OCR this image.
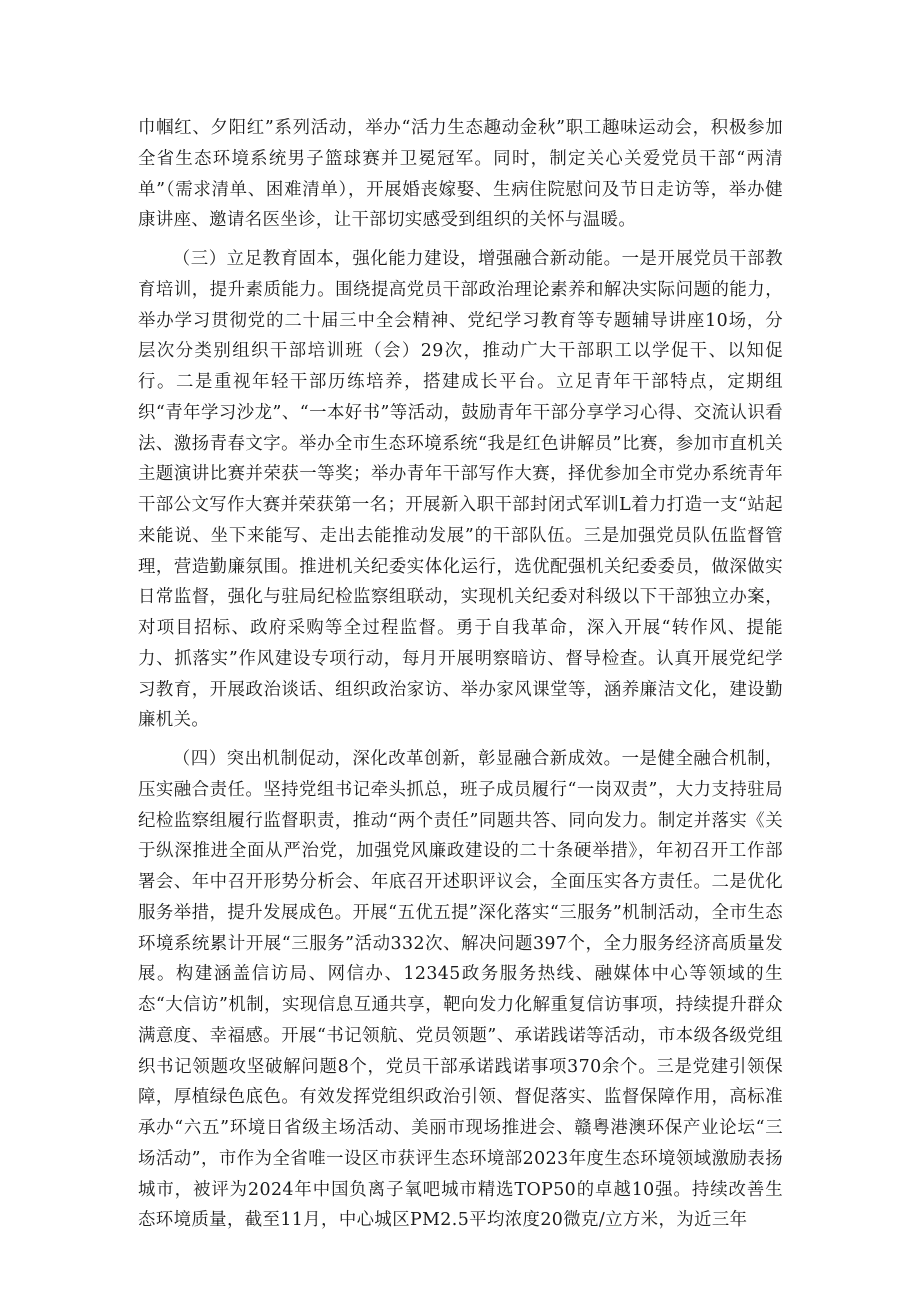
巾帼红、夕阳红”系列活动，举办“活力生态趣动金秋”职工趣味运动会，积极参加全省生态环境系统男子篮球赛并卫冕冠军。同时，制定关心关爱党员干部“两清单”（需求清单、困难清单），开展婚丧嫁娶、生病住院慰问及节日走访等，举办健康讲座、邀请名医坐诊，让干部切实感受到组织的关怀与温暖。

（三）立足教育固本，强化能力建设，增强融合新动能。一是开展党员干部教育培训，提升素质能力。围绕提高党员干部政治理论素养和解决实际问题的能力，举办学习贯彻党的二十届三中全会精神、党纪学习教育等专题辅导讲座10场，分层次分类别组织干部培训班（会）29次，推动广大干部职工以学促干、以知促行。二是重视年轻干部历练培养，搭建成长平台。立足青年干部特点，定期组织“青年学习沙龙”、“一本好书”等活动，鼓励青年干部分享学习心得、交流认识看法、激扬青春文字。举办全市生态环境系统“我是红色讲解员”比赛，参加市直机关主题演讲比赛并荣获一等奖；举办青年干部写作大赛，择优参加全市党办系统青年干部公文写作大赛并荣获第一名；开展新入职干部封闭式军训L着力打造一支“站起来能说、坐下来能写、走出去能推动发展”的干部队伍。三是加强党员队伍监督管理，营造勤廉氛围。推进机关纪委实体化运行，选优配强机关纪委委员，做深做实日常监督，强化与驻局纪检监察组联动，实现机关纪委对科级以下干部独立办案，对项目招标、政府采购等全过程监督。勇于自我革命，深入开展“转作风、提能力、抓落实”作风建设专项行动，每月开展明察暗访、督导检查。认真开展党纪学习教育，开展政治谈话、组织政治家访、举办家风课堂等，涵养廉洁文化，建设勤廉机关。

（四）突出机制促动，深化改革创新，彰显融合新成效。一是健全融合机制，压实融合责任。坚持党组书记牵头抓总，班子成员履行“一岗双责”，大力支持驻局纪检监察组履行监督职责，推动“两个责任”同题共答、同向发力。制定并落实《关于纵深推进全面从严治党，加强党风廉政建设的二十条硬举措》，年初召开工作部署会、年中召开形势分析会、年底召开述职评议会，全面压实各方责任。二是优化服务举措，提升发展成色。开展“五优五提”深化落实“三服务”机制活动，全市生态环境系统累计开展“三服务”活动332次、解决问题397个，全力服务经济高质量发展。构建涵盖信访局、网信办、12345政务服务热线、融媒体中心等领域的生态“大信访”机制，实现信息互通共享，靶向发力化解重复信访事项，持续提升群众满意度、幸福感。开展“书记领航、党员领题”、承诺践诺等活动，市本级各级党组织书记领题攻坚破解问题8个，党员干部承诺践诺事项370余个。三是党建引领保障，厚植绿色底色。有效发挥党组织政治引领、督促落实、监督保障作用，高标准承办“六五”环境日省级主场活动、美丽市现场推进会、赣粤港澳环保产业论坛“三场活动”，市作为全省唯一设区市获评生态环境部2023年度生态环境领域激励表扬城市，被评为2024年中国负离子氧吧城市精选TOP50的卓越10强。持续改善生态环境质量，截至11月，中心城区PM2.5平均浓度20微克/立方米，为近三年
